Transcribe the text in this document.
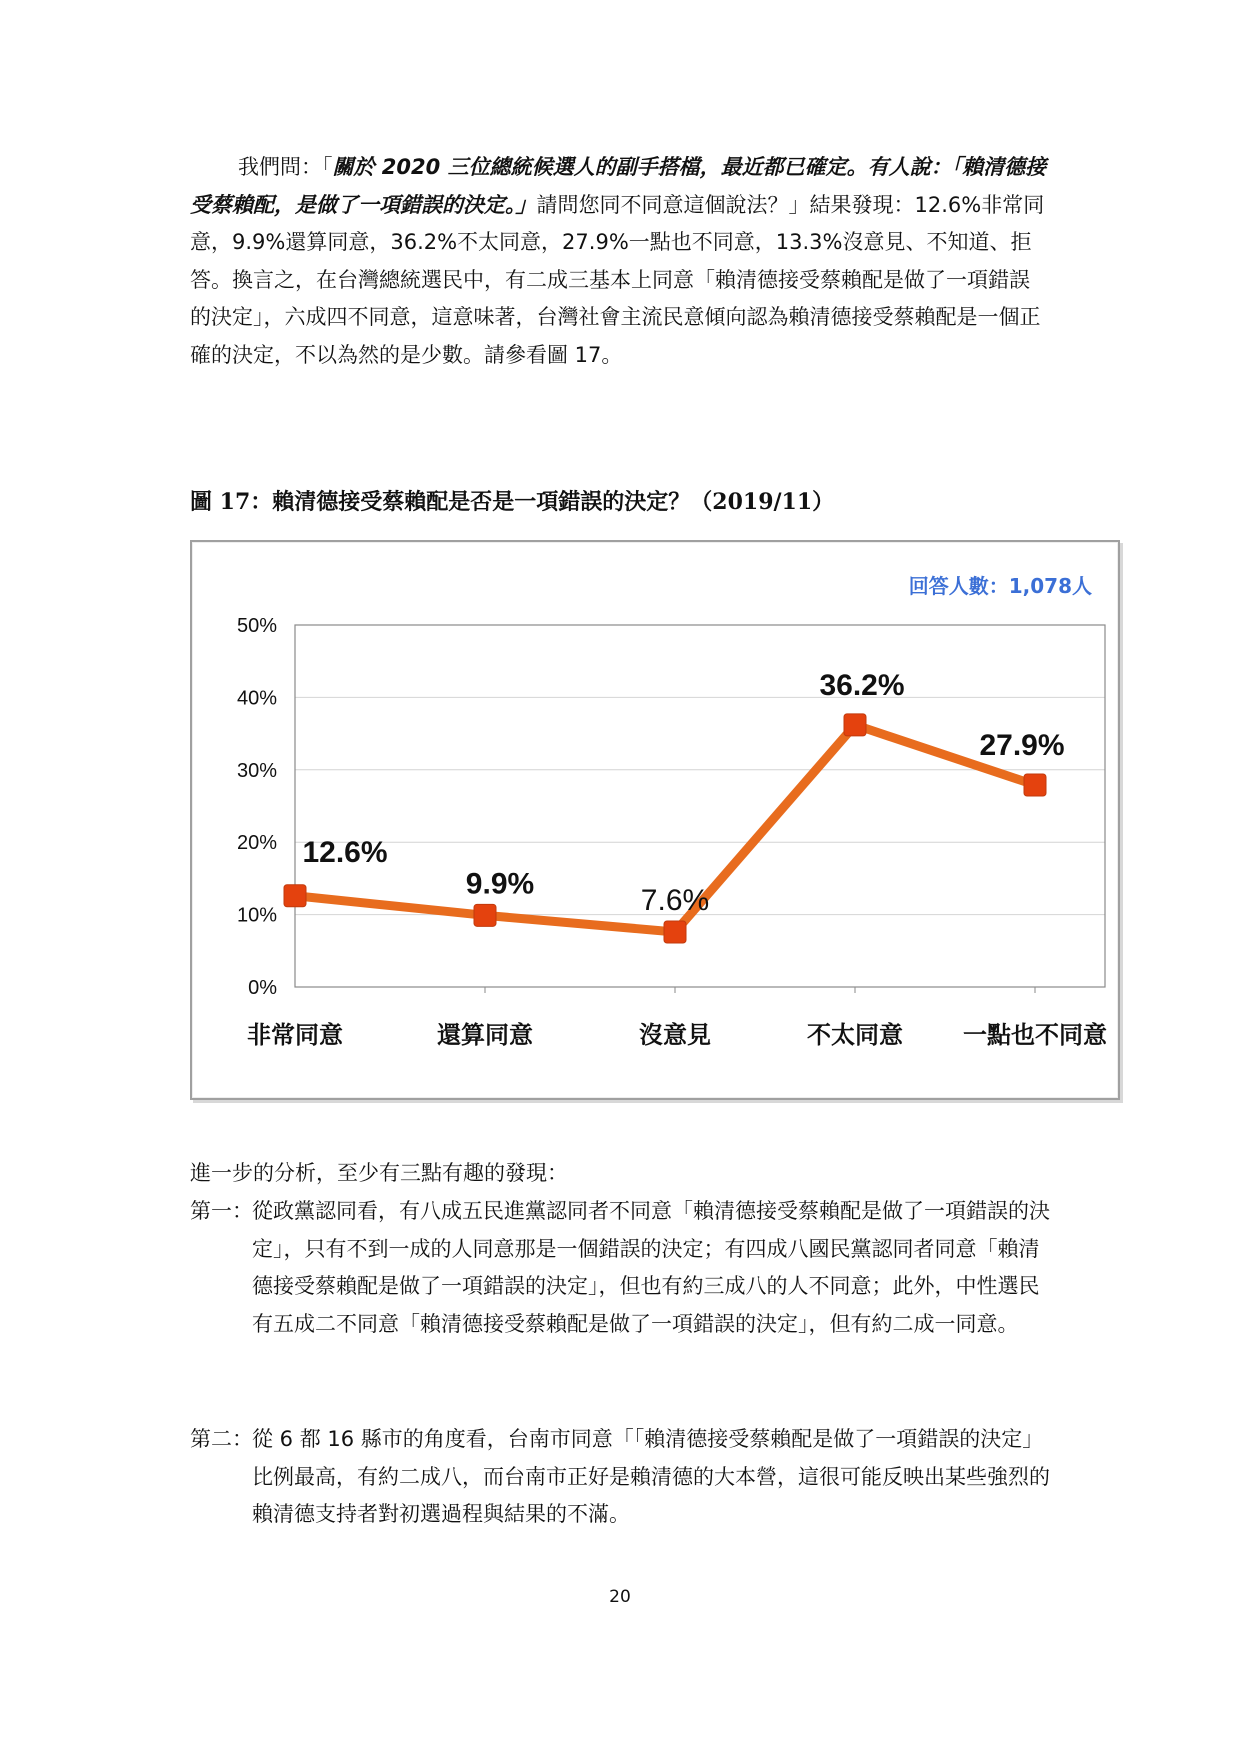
我們問：「關於 2020 三位總統候選人的副手搭檔，最近都已確定。有人說：「賴清德接受蔡賴配，是做了一項錯誤的決定。」請問您同不同意這個說法？」結果發現：12.6%非常同意，9.9%還算同意，36.2%不太同意，27.9%一點也不同意，13.3%沒意見、不知道、拒答。換言之，在台灣總統選民中，有二成三基本上同意「賴清德接受蔡賴配是做了一項錯誤的決定」，六成四不同意，這意味著，台灣社會主流民意傾向認為賴清德接受蔡賴配是一個正確的決定，不以為然的是少數。請參看圖 17。
圖 17：賴清德接受蔡賴配是否是一項錯誤的決定？（2019/11）
0%
10%
20%
30%
40%
50%
非常同意	還算同意	沒意見	不太同意	一點也不同意
12.6%
9.9%
7.6%
36.2%
27.9%
回答人數：1,078人
進一步的分析，至少有三點有趣的發現：
第一： 從政黨認同看，有八成五民進黨認同者不同意「賴清德接受蔡賴配是做了一項錯誤的決定」，只有不到一成的人同意那是一個錯誤的決定；有四成八國民黨認同者同意「賴清德接受蔡賴配是做了一項錯誤的決定」，但也有約三成八的人不同意；此外，中性選民有五成二不同意「賴清德接受蔡賴配是做了一項錯誤的決定」，但有約二成一同意。
第二： 從 6 都 16 縣市的角度看，台南市同意「「賴清德接受蔡賴配是做了一項錯誤的決定」比例最高，有約二成八，而台南市正好是賴清德的大本營，這很可能反映出某些強烈的賴清德支持者對初選過程與結果的不滿。
20
